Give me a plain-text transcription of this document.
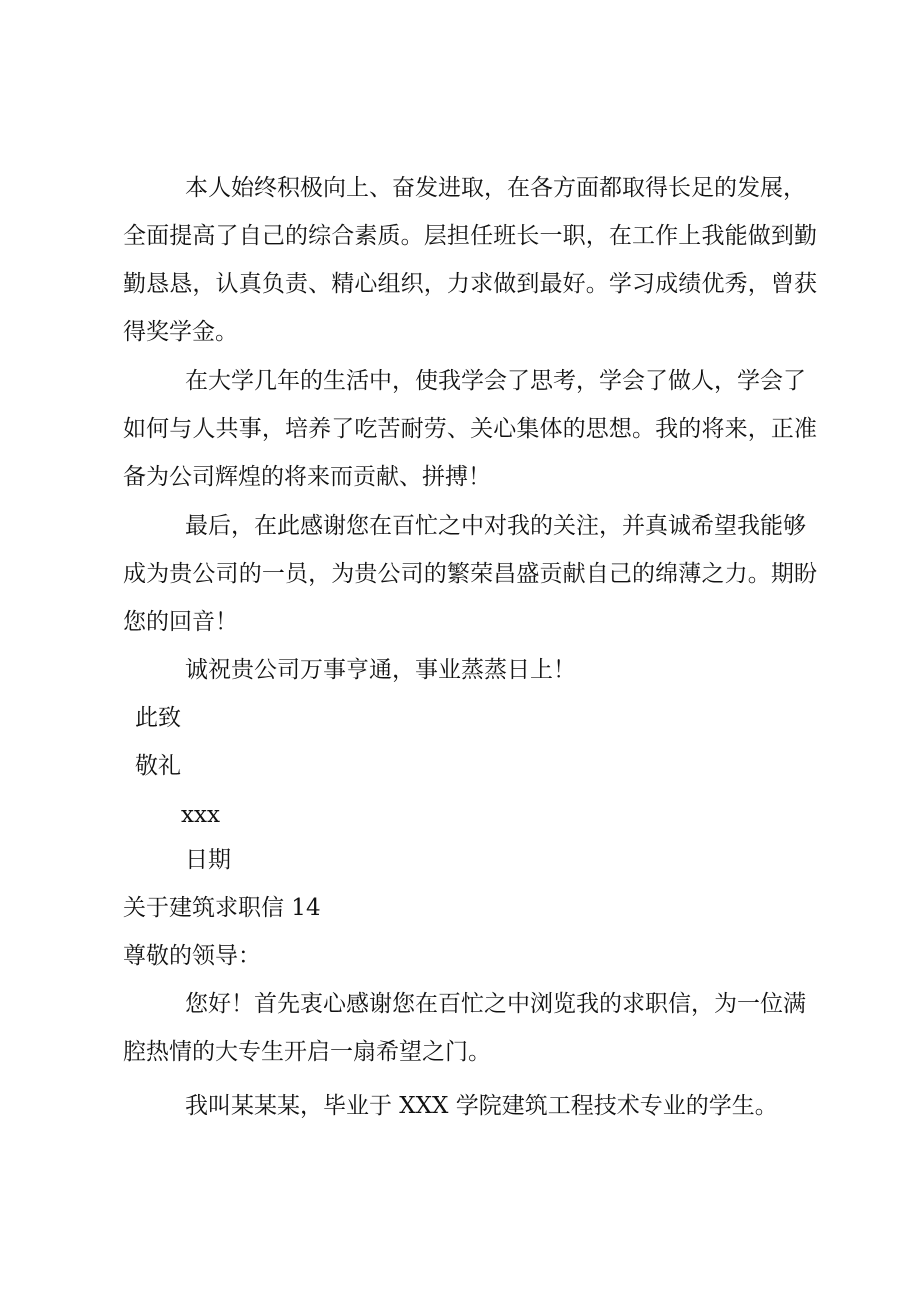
本人始终积极向上、奋发进取，在各方面都取得长足的发展，
全面提高了自己的综合素质。层担任班长一职，在工作上我能做到勤
勤恳恳，认真负责、精心组织，力求做到最好。学习成绩优秀，曾获
得奖学金。
在大学几年的生活中，使我学会了思考，学会了做人，学会了
如何与人共事，培养了吃苦耐劳、关心集体的思想。我的将来，正准
备为公司辉煌的将来而贡献、拼搏！
最后，在此感谢您在百忙之中对我的关注，并真诚希望我能够
成为贵公司的一员，为贵公司的繁荣昌盛贡献自己的绵薄之力。期盼
您的回音！
诚祝贵公司万事亨通，事业蒸蒸日上！
此致
敬礼
xxx
日期
关于建筑求职信 14
尊敬的领导：
您好！首先衷心感谢您在百忙之中浏览我的求职信，为一位满
腔热情的大专生开启一扇希望之门。
我叫某某某，毕业于 XXX 学院建筑工程技术专业的学生。
